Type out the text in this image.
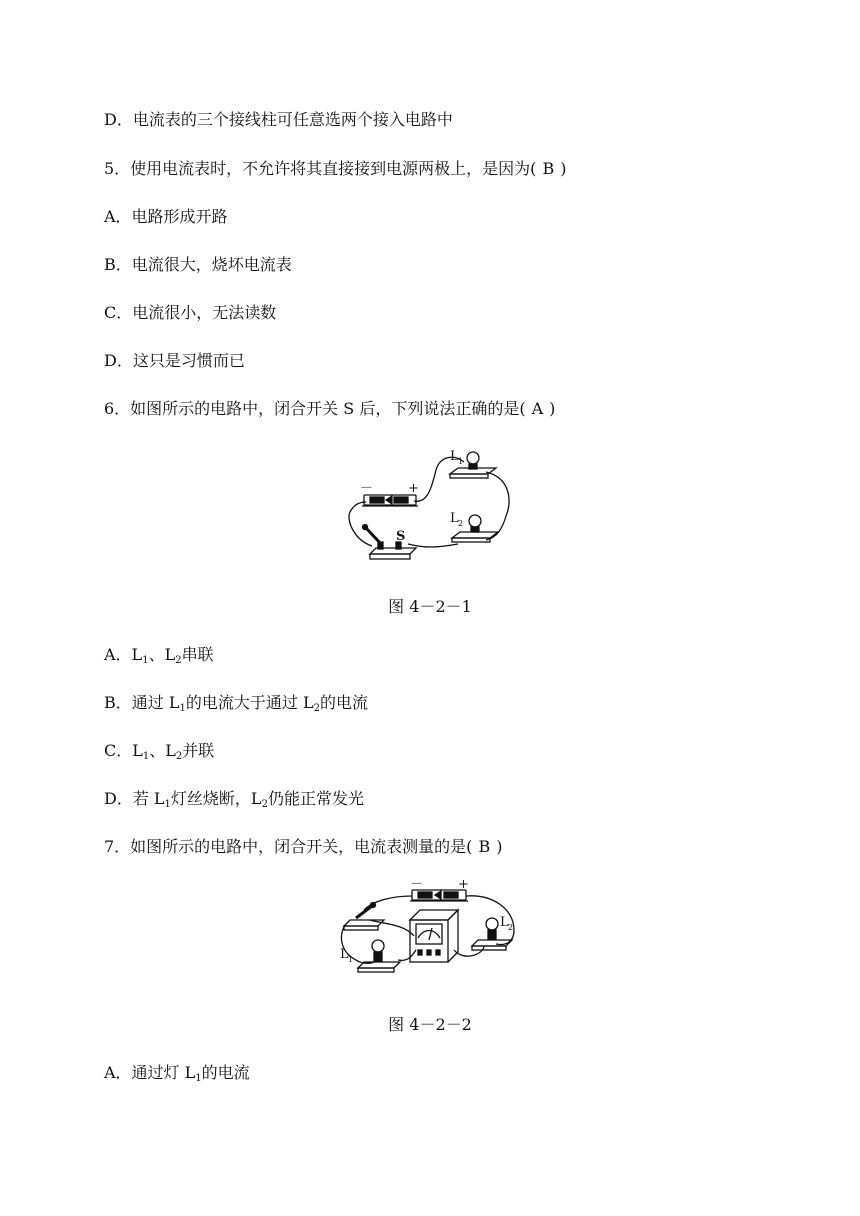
D．电流表的三个接线柱可任意选两个接入电路中
5．使用电流表时，不允许将其直接接到电源两极上，是因为( B )
A．电路形成开路
B．电流很大，烧坏电流表
C．电流很小，无法读数
D．这只是习惯而已
6．如图所示的电路中，闭合开关 S 后，下列说法正确的是( A )
－	+
S
L 1
L 2
图 4－2－1
A．$L_1$、$L_2$串联
B．通过 $L_1$的电流大于通过 $L_2$的电流
C．$L_1$、$L_2$并联
D．若 $L_1$灯丝烧断，$L_2$仍能正常发光
7．如图所示的电路中，闭合开关，电流表测量的是( B )
－	+
L 1
L 2
图 4－2－2
A．通过灯 $L_1$的电流
